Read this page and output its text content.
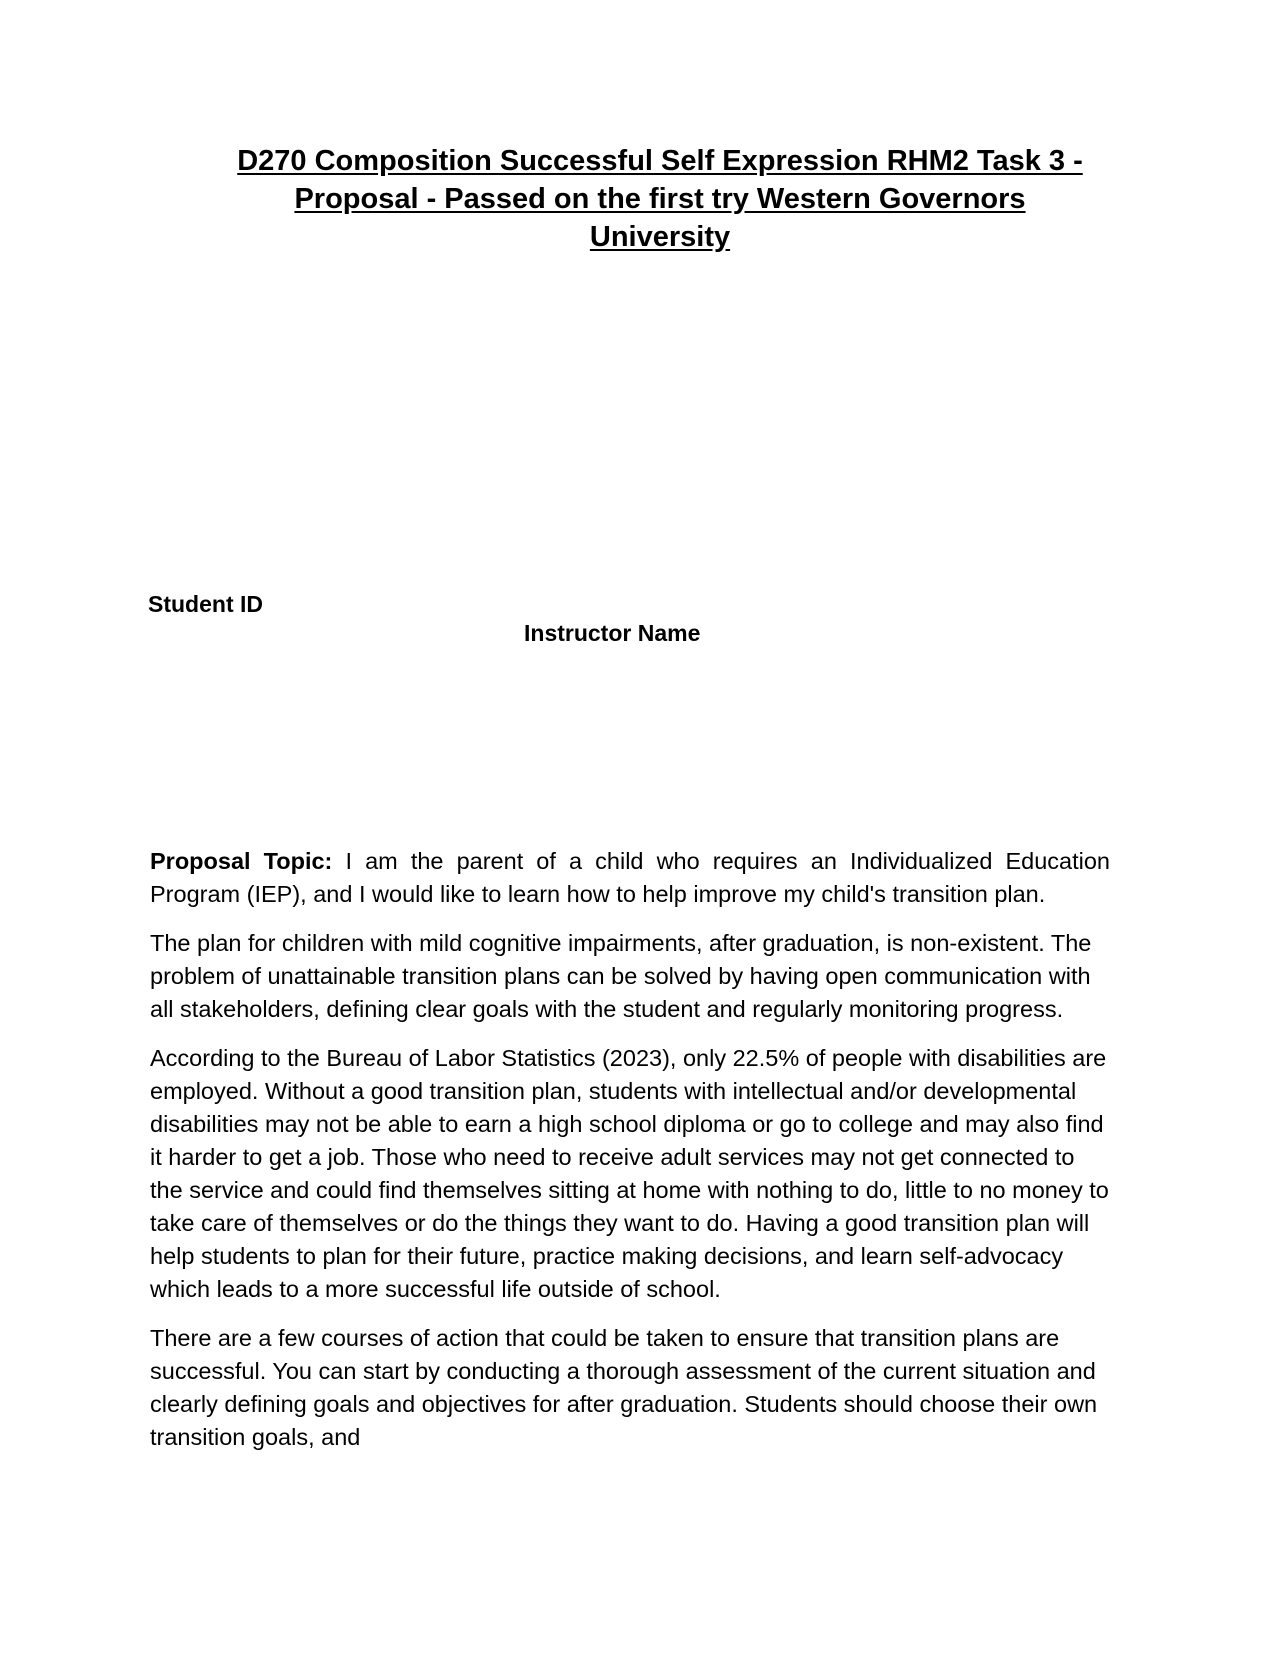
D270 Composition Successful Self Expression RHM2 Task 3 - Proposal - Passed on the first try Western Governors University
Student ID
Instructor Name

Proposal Topic: I am the parent of a child who requires an Individualized Education Program (IEP), and I would like to learn how to help improve my child's transition plan.

The plan for children with mild cognitive impairments, after graduation, is non-existent. The problem of unattainable transition plans can be solved by having open communication with all stakeholders, defining clear goals with the student and regularly monitoring progress.

According to the Bureau of Labor Statistics (2023), only 22.5% of people with disabilities are employed. Without a good transition plan, students with intellectual and/or developmental disabilities may not be able to earn a high school diploma or go to college and may also find it harder to get a job. Those who need to receive adult services may not get connected to the service and could find themselves sitting at home with nothing to do, little to no money to take care of themselves or do the things they want to do. Having a good transition plan will help students to plan for their future, practice making decisions, and learn self-advocacy which leads to a more successful life outside of school.

There are a few courses of action that could be taken to ensure that transition plans are successful. You can start by conducting a thorough assessment of the current situation and clearly defining goals and objectives for after graduation. Students should choose their own transition goals, and
